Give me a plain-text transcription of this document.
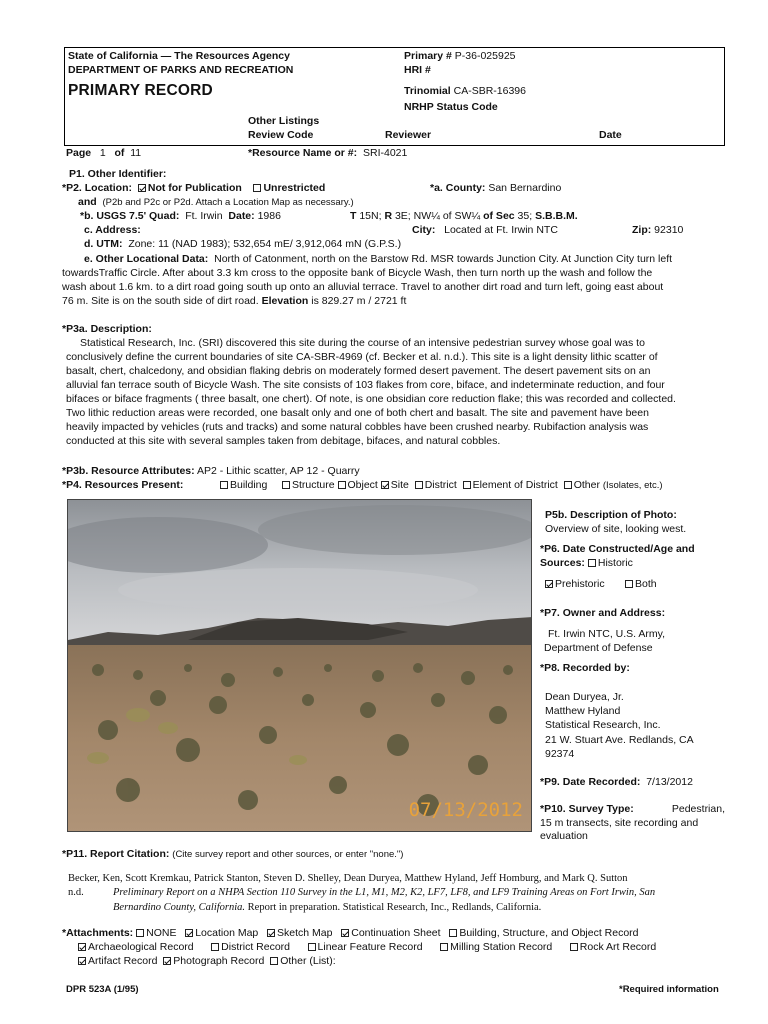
State of California — The Resources Agency
DEPARTMENT OF PARKS AND RECREATION
PRIMARY RECORD
Primary # P-36-025925
HRI #
Trinomial CA-SBR-16396
NRHP Status Code
Other Listings
Review Code	Reviewer	Date
Page 1 of 11	*Resource Name or #: SRI-4021
P1. Other Identifier:
*P2. Location: Not for Publication Unrestricted	*a. County: San Bernardino
and (P2b and P2c or P2d. Attach a Location Map as necessary.)
*b. USGS 7.5' Quad: Ft. Irwin Date: 1986	T 15N; R 3E; NW¼ of SW¼ of Sec 35; S.B.B.M.
c. Address:	City: Located at Ft. Irwin NTC	Zip: 92310
d. UTM: Zone: 11 (NAD 1983); 532,654 mE/ 3,912,064 mN (G.P.S.)
e. Other Locational Data: North of Catonment, north on the Barstow Rd. MSR towards Junction City. At Junction City turn left
towardsTraffic Circle. After about 3.3 km cross to the opposite bank of Bicycle Wash, then turn north up the wash and follow the
wash about 1.6 km. to a dirt road going south up onto an alluvial terrace. Travel to another dirt road and turn left, going east about
76 m. Site is on the south side of dirt road. Elevation is 829.27 m / 2721 ft
*P3a. Description:
Statistical Research, Inc. (SRI) discovered this site during the course of an intensive pedestrian survey whose goal was to
conclusively define the current boundaries of site CA-SBR-4969 (cf. Becker et al. n.d.). This site is a light density lithic scatter of
basalt, chert, chalcedony, and obsidian flaking debris on moderately formed desert pavement. The desert pavement sits on an
alluvial fan terrace south of Bicycle Wash. The site consists of 103 flakes from core, biface, and indeterminate reduction, and four
bifaces or biface fragments ( three basalt, one chert). Of note, is one obsidian core reduction flake; this was recorded and collected.
Two lithic reduction areas were recorded, one basalt only and one of both chert and basalt. The site and pavement have been
heavily impacted by vehicles (ruts and tracks) and some natural cobbles have been crushed nearby. Rubifaction analysis was
conducted at this site with several samples taken from debitage, bifaces, and natural cobbles.
*P3b. Resource Attributes: AP2 - Lithic scatter, AP 12 - Quarry
*P4. Resources Present:	Building Structure Object Site District Element of District Other (Isolates, etc.)
07/13/2012
P5b. Description of Photo:
Overview of site, looking west.
*P6. Date Constructed/Age and
Sources: Historic
Prehistoric	Both
*P7. Owner and Address:
Ft. Irwin NTC, U.S. Army,
Department of Defense
*P8. Recorded by:
Dean Duryea, Jr.
Matthew Hyland
Statistical Research, Inc.
21 W. Stuart Ave. Redlands, CA
92374
*P9. Date Recorded: 7/13/2012
*P10. Survey Type:	Pedestrian,
15 m transects, site recording and
evaluation
*P11. Report Citation: (Cite survey report and other sources, or enter "none.")
Becker, Ken, Scott Kremkau, Patrick Stanton, Steven D. Shelley, Dean Duryea, Matthew Hyland, Jeff Homburg, and Mark Q. Sutton
n.d.	Preliminary Report on a NHPA Section 110 Survey in the L1, M1, M2, K2, LF7, LF8, and LF9 Training Areas on Fort Irwin, San
Bernardino County, California. Report in preparation. Statistical Research, Inc., Redlands, California.
*Attachments: NONE Location Map Sketch Map Continuation Sheet Building, Structure, and Object Record
Archaeological Record	District Record	Linear Feature Record	Milling Station Record	Rock Art Record
Artifact Record Photograph Record Other (List):
DPR 523A (1/95)	*Required information
